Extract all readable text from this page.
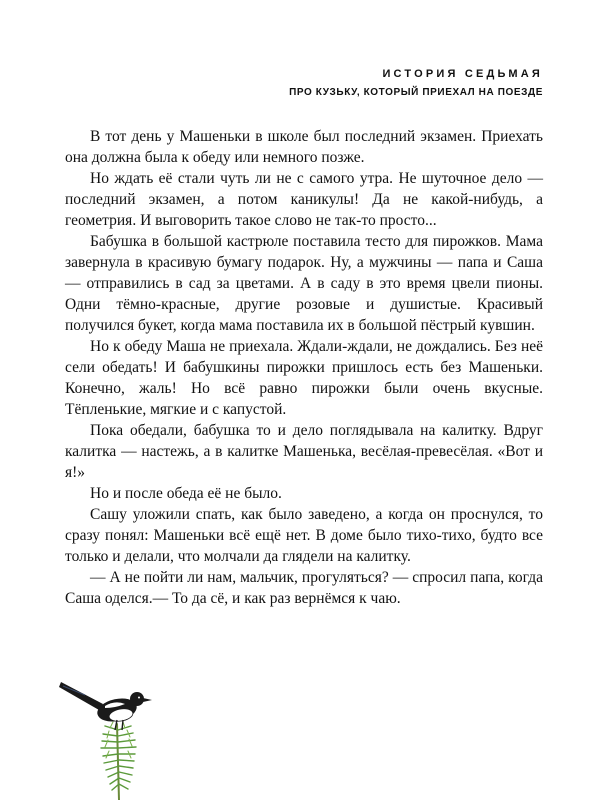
ИСТОРИЯ СЕДЬМАЯ
ПРО КУЗЬКУ, КОТОРЫЙ ПРИЕХАЛ НА ПОЕЗДЕ

В тот день у Машеньки в школе был последний экзамен. Приехать она должна была к обеду или немного позже.

Но ждать её стали чуть ли не с самого утра. Не шуточное дело — последний экзамен, а потом каникулы! Да не какой-нибудь, а геометрия. И выговорить такое слово не так-то просто...

Бабушка в большой кастрюле поставила тесто для пирожков. Мама завернула в красивую бумагу подарок. Ну, а мужчины — папа и Саша — отправились в сад за цветами. А в саду в это время цвели пионы. Одни тёмно-красные, другие розовые и душистые. Красивый получился букет, когда мама поставила их в большой пёстрый кувшин.

Но к обеду Маша не приехала. Ждали-ждали, не дождались. Без неё сели обедать! И бабушкины пирожки пришлось есть без Машеньки. Конечно, жаль! Но всё равно пирожки были очень вкусные. Тёпленькие, мягкие и с капустой.

Пока обедали, бабушка то и дело поглядывала на калитку. Вдруг калитка — настежь, а в калитке Машенька, весёлая-превесёлая. «Вот и я!»

Но и после обеда её не было.

Сашу уложили спать, как было заведено, а когда он проснулся, то сразу понял: Машеньки всё ещё нет. В доме было тихо-тихо, будто все только и делали, что молчали да глядели на калитку.

— А не пойти ли нам, мальчик, прогуляться? — спросил папа, когда Саша оделся.— То да сё, и как раз вернёмся к чаю.
